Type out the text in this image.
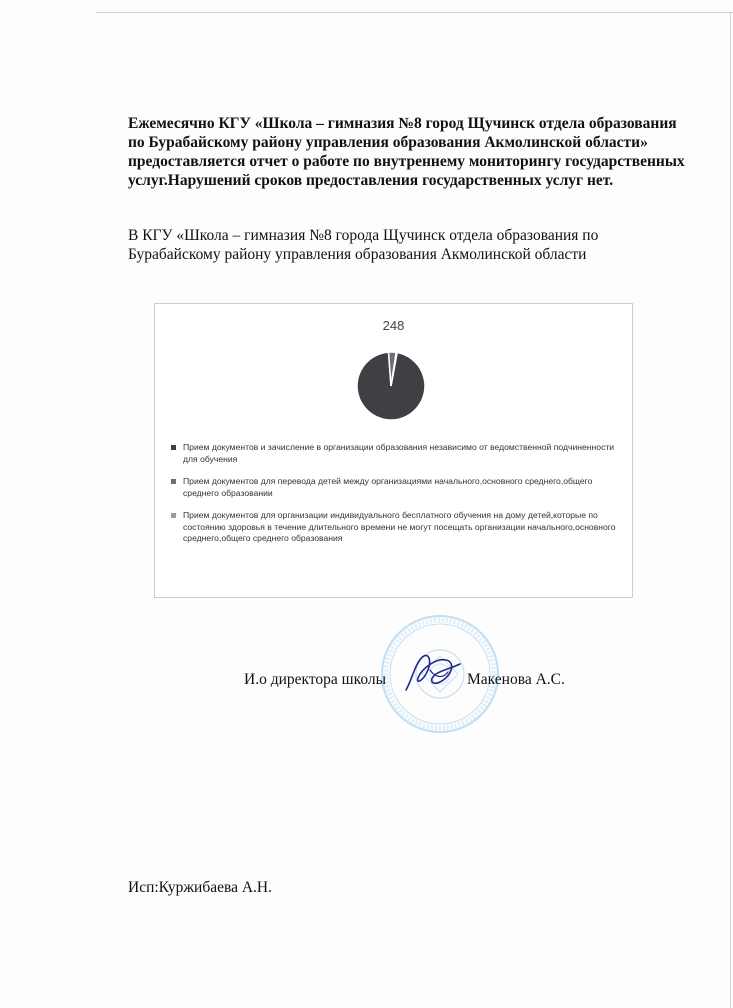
Ежемесячно КГУ «Школа – гимназия №8 город Щучинск отдела образования по Бурабайскому району управления образования Акмолинской области» предоставляется отчет о работе по внутреннему мониторингу государственных услуг.Нарушений сроков предоставления государственных услуг нет.

В КГУ «Школа – гимназия №8 города Щучинск отдела образования по Бурабайскому району управления образования Акмолинской области

248
Прием документов и зачисление в организации образования независимо от ведомственной подчиненности для обучения
Прием документов для перевода детей между организациями начального,основного среднего,общего среднего образовании
Прием документов для организации индивидуального бесплатного обучения на дому детей,которые по состоянию здоровья в течение длительного времени не могут посещать организации начального,основного среднего,общего среднего образования
И.о директора школы	Макенова А.С.
Исп:Куржибаева А.Н.
